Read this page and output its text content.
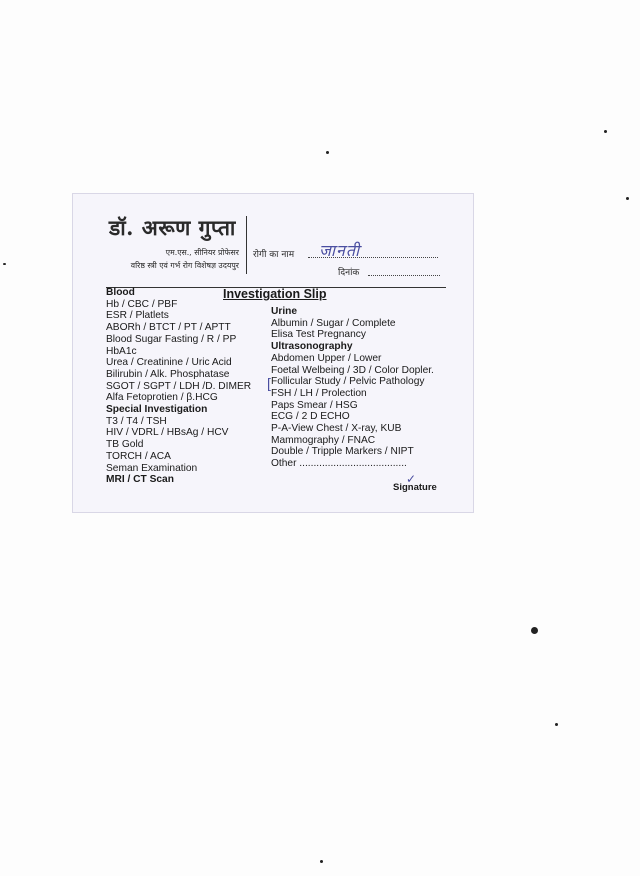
डॉ. अरूण गुप्ता
एम.एस., सीनियर प्रोफेसर
वरिष्ठ स्त्री एवं गर्भ रोग विशेषज्ञ उदयपुर
रोगी का नाम जानती
दिनांक
Investigation Slip
Blood
Hb / CBC / PBF
ESR / Platlets
ABORh / BTCT / PT / APTT
Blood Sugar Fasting / R / PP
HbA1c
Urea / Creatinine / Uric Acid
Bilirubin / Alk. Phosphatase
SGOT / SGPT / LDH /D. DIMER
Alfa Fetoprotien / β.HCG
Special Investigation
T3 / T4 / TSH
HIV / VDRL / HBsAg / HCV
TB Gold
TORCH / ACA
Seman Examination
MRI / CT Scan
Urine
Albumin / Sugar / Complete
Elisa Test Pregnancy
Ultrasonography
Abdomen Upper / Lower
Foetal Welbeing / 3D / Color Dopler.
Follicular Study / Pelvic Pathology
FSH / LH / Prolection
Paps Smear / HSG
ECG / 2 D ECHO
P-A-View Chest / X-ray, KUB
Mammography / FNAC
Double / Tripple Markers / NIPT
Other ......................................
[
✓
Signature
